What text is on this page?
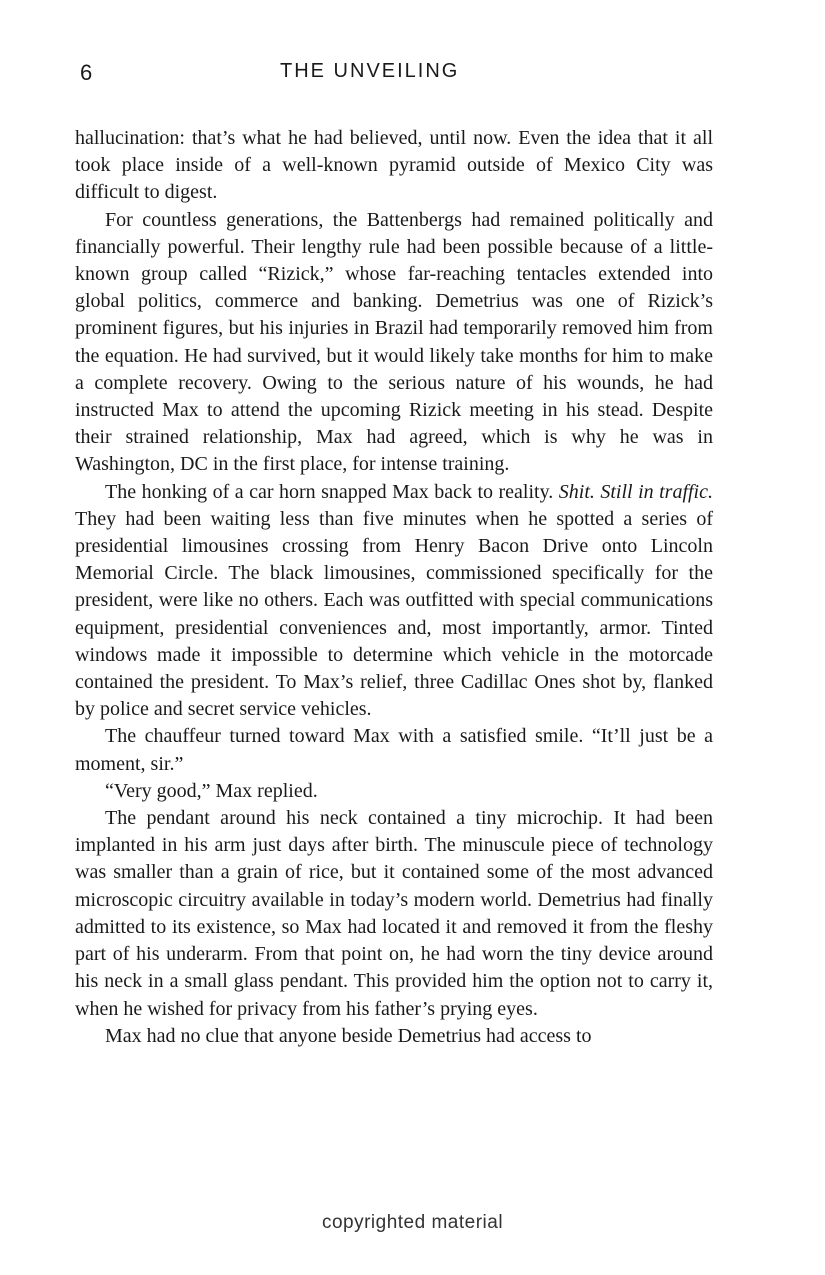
6	THE UNVEILING

hallucination: that’s what he had believed, until now. Even the idea that it all took place inside of a well-known pyramid outside of Mexico City was difficult to digest.

For countless generations, the Battenbergs had remained politically and financially powerful. Their lengthy rule had been possible because of a little-known group called “Rizick,” whose far-reaching tentacles extended into global politics, commerce and banking. Demetrius was one of Rizick’s prominent figures, but his injuries in Brazil had temporarily removed him from the equation. He had survived, but it would likely take months for him to make a complete recovery. Owing to the serious nature of his wounds, he had instructed Max to attend the upcoming Rizick meeting in his stead. Despite their strained relationship, Max had agreed, which is why he was in Washington, DC in the first place, for intense training.

The honking of a car horn snapped Max back to reality. Shit. Still in traffic. They had been waiting less than five minutes when he spotted a series of presidential limousines crossing from Henry Bacon Drive onto Lincoln Memorial Circle. The black limousines, commissioned specifically for the president, were like no others. Each was outfitted with special communications equipment, presidential conveniences and, most importantly, armor. Tinted windows made it impossible to determine which vehicle in the motorcade contained the president. To Max’s relief, three Cadillac Ones shot by, flanked by police and secret service vehicles.

The chauffeur turned toward Max with a satisfied smile. “It’ll just be a moment, sir.”

“Very good,” Max replied.

The pendant around his neck contained a tiny microchip. It had been implanted in his arm just days after birth. The minuscule piece of technology was smaller than a grain of rice, but it contained some of the most advanced microscopic circuitry available in today’s modern world. Demetrius had finally admitted to its existence, so Max had located it and removed it from the fleshy part of his underarm. From that point on, he had worn the tiny device around his neck in a small glass pendant. This provided him the option not to carry it, when he wished for privacy from his father’s prying eyes.

Max had no clue that anyone beside Demetrius had access to

copyrighted material
